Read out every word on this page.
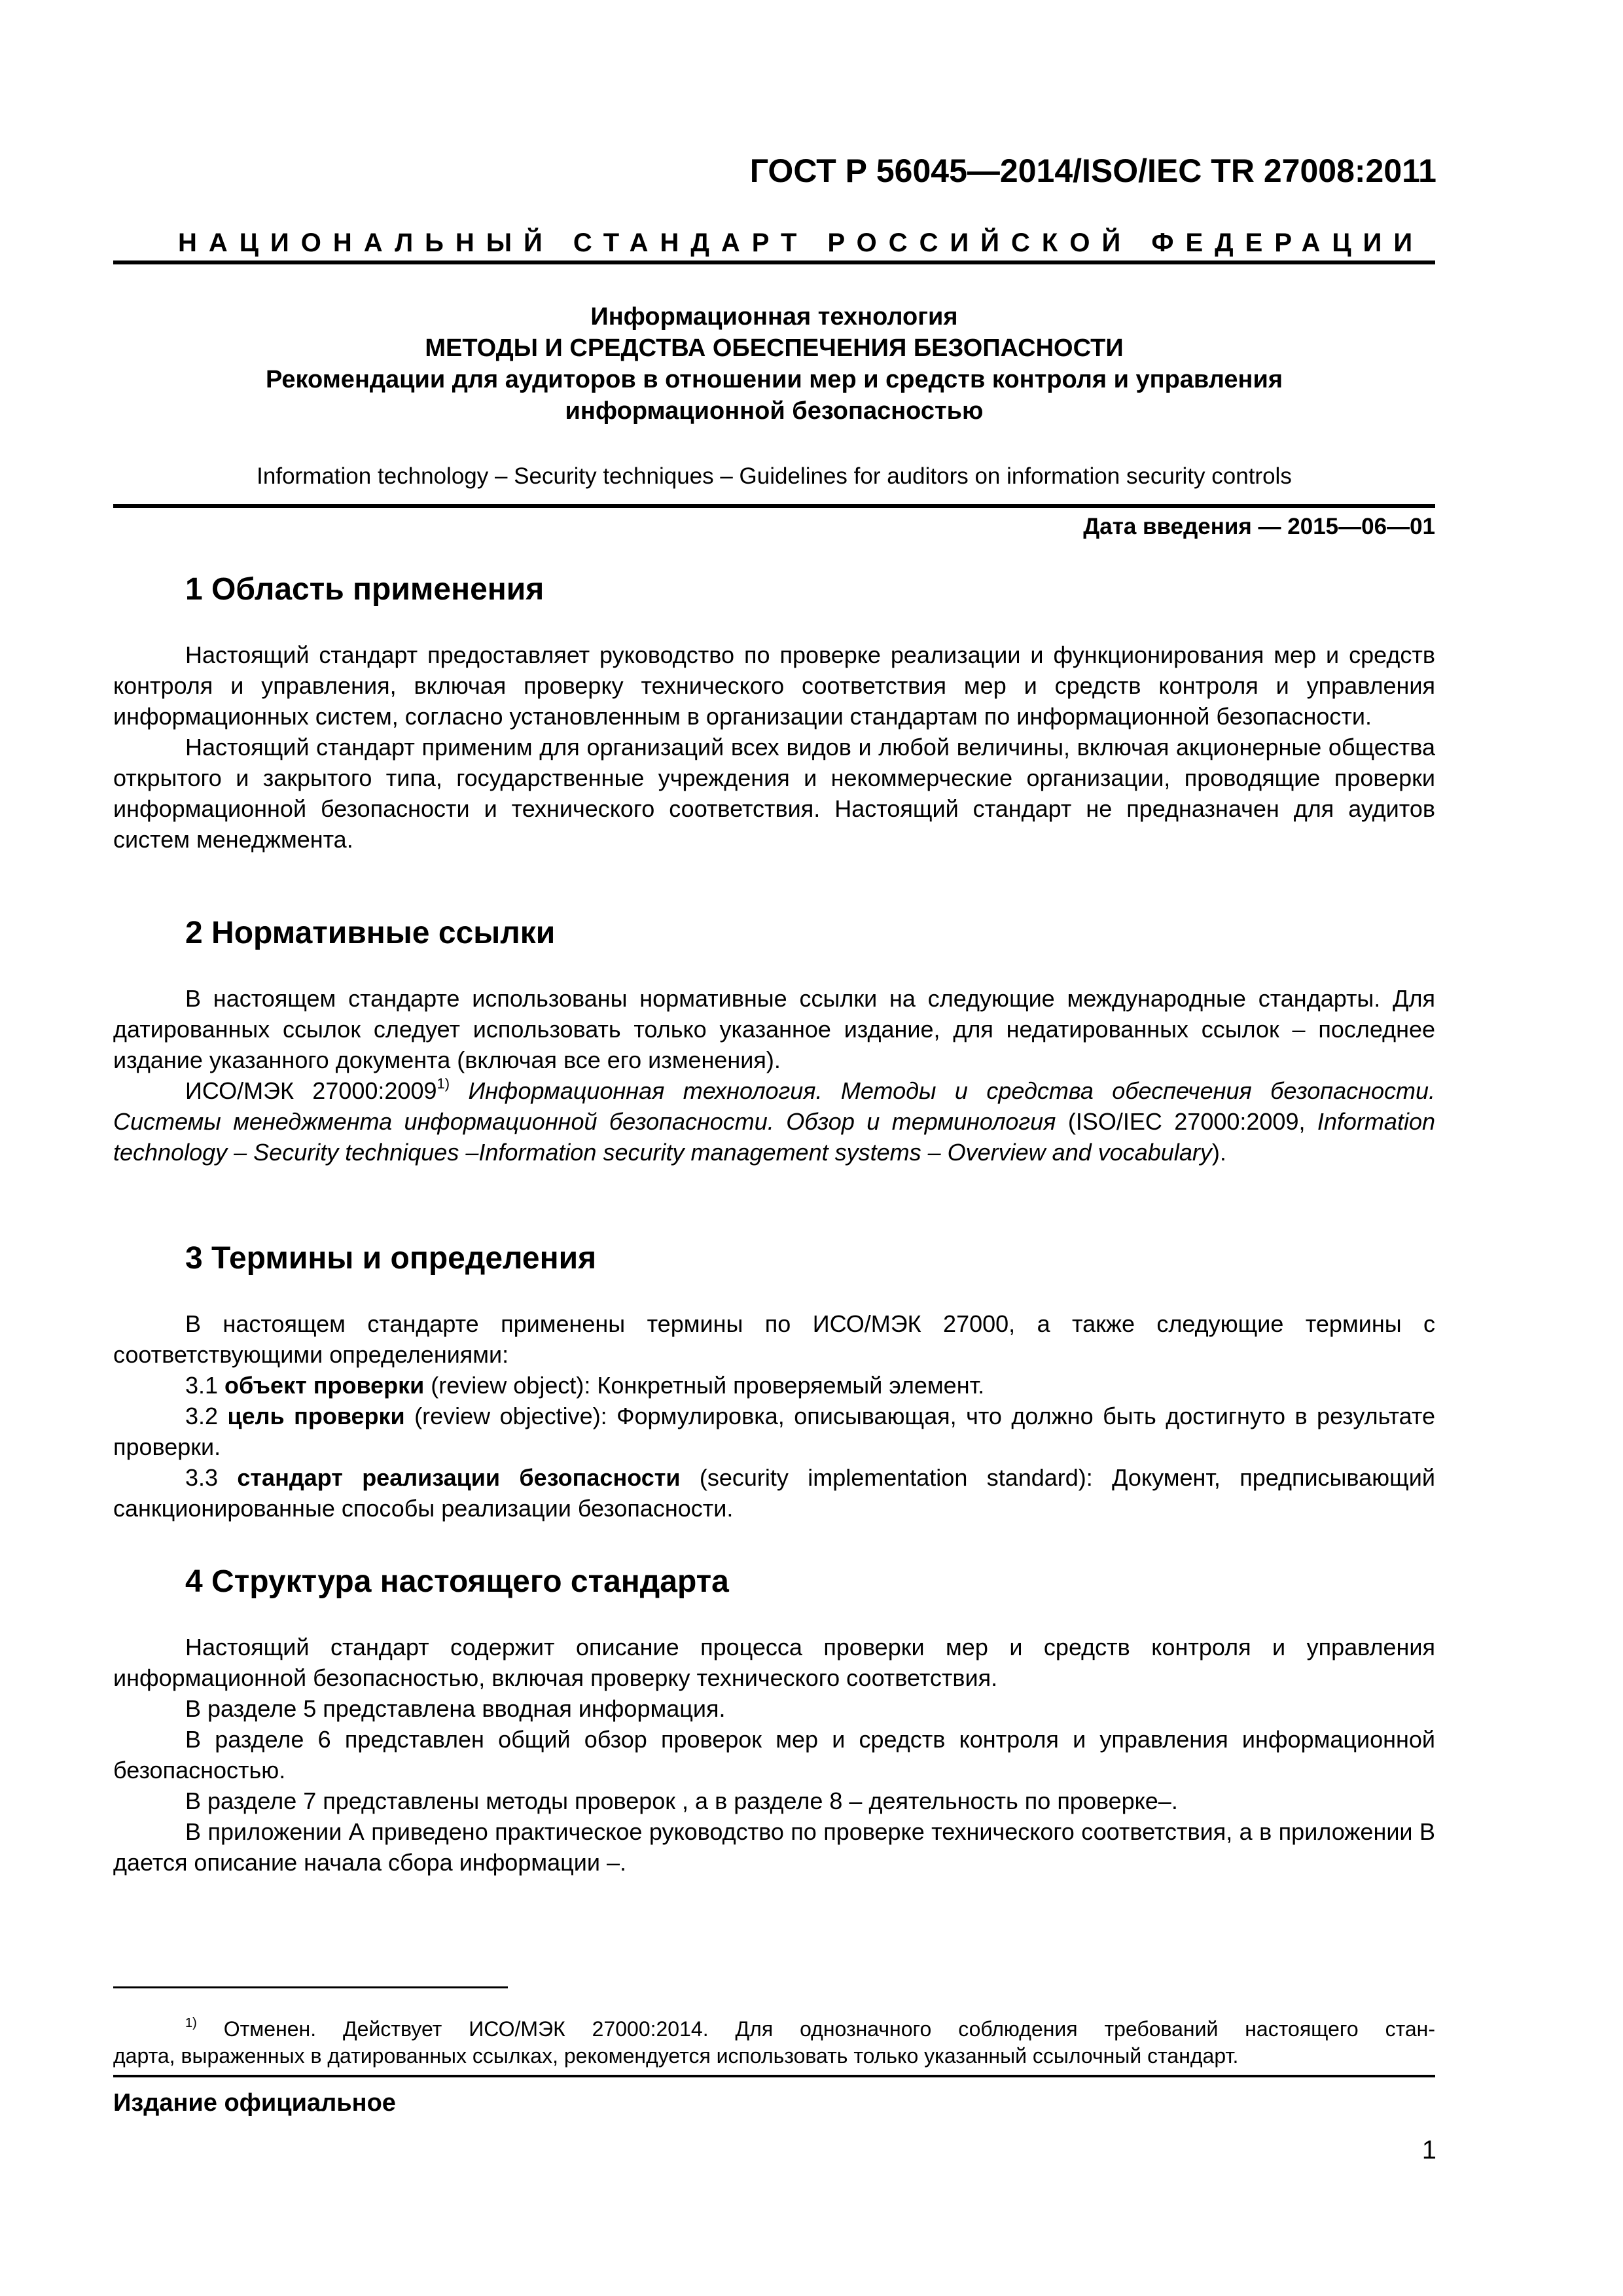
ГОСТ Р 56045—2014/ISO/IEC TR 27008:2011
НАЦИОНАЛЬНЫЙ СТАНДАРТ РОССИЙСКОЙ ФЕДЕРАЦИИ
Информационная технология
МЕТОДЫ И СРЕДСТВА ОБЕСПЕЧЕНИЯ БЕЗОПАСНОСТИ
Рекомендации для аудиторов в отношении мер и средств контроля и управления
информационной безопасностью
Information technology – Security techniques – Guidelines for auditors on information security controls
Дата введения — 2015—06—01
1 Область применения

Настоящий стандарт предоставляет руководство по проверке реализации и функционирования мер и средств контроля и управления, включая проверку технического соответствия мер и средств контроля и управления информационных систем, согласно установленным в организации стандартам по информационной безопасности.

Настоящий стандарт применим для организаций всех видов и любой величины, включая акционерные общества открытого и закрытого типа, государственные учреждения и некоммерческие организации, проводящие проверки информационной безопасности и технического соответствия. Настоящий стандарт не предназначен для аудитов систем менеджмента.

2 Нормативные ссылки

В настоящем стандарте использованы нормативные ссылки на следующие международные стандарты. Для датированных ссылок следует использовать только указанное издание, для недатированных ссылок – последнее издание указанного документа (включая все его изменения).

ИСО/МЭК 27000:2009$^{1)}$ Информационная технология. Методы и средства обеспечения безопасности. Системы менеджмента информационной безопасности. Обзор и терминология (ISO/IEC 27000:2009, Information technology – Security techniques –Information security management systems – Overview and vocabulary).

3 Термины и определения

В настоящем стандарте применены термины по ИСО/МЭК 27000, а также следующие термины с соответствующими определениями:

3.1 объект проверки (review object): Конкретный проверяемый элемент.

3.2 цель проверки (review objective): Формулировка, описывающая, что должно быть достигнуто в результате проверки.

3.3 стандарт реализации безопасности (security implementation standard): Документ, предписывающий санкционированные способы реализации безопасности.

4 Структура настоящего стандарта

Настоящий стандарт содержит описание процесса проверки мер и средств контроля и управления информационной безопасностью, включая проверку технического соответствия.

В разделе 5 представлена вводная информация.

В разделе 6 представлен общий обзор проверок мер и средств контроля и управления информационной безопасностью.

В разделе 7 представлены методы проверок , а в разделе 8 – деятельность по проверке–.

В приложении А приведено практическое руководство по проверке технического соответствия, а в приложении В дается описание начала сбора информации –.

$^{1)}$ Отменен. Действует ИСО/МЭК 27000:2014. Для однозначного соблюдения требований настоящего стан-

дарта, выраженных в датированных ссылках, рекомендуется использовать только указанный ссылочный стандарт.

Издание официальное
1
